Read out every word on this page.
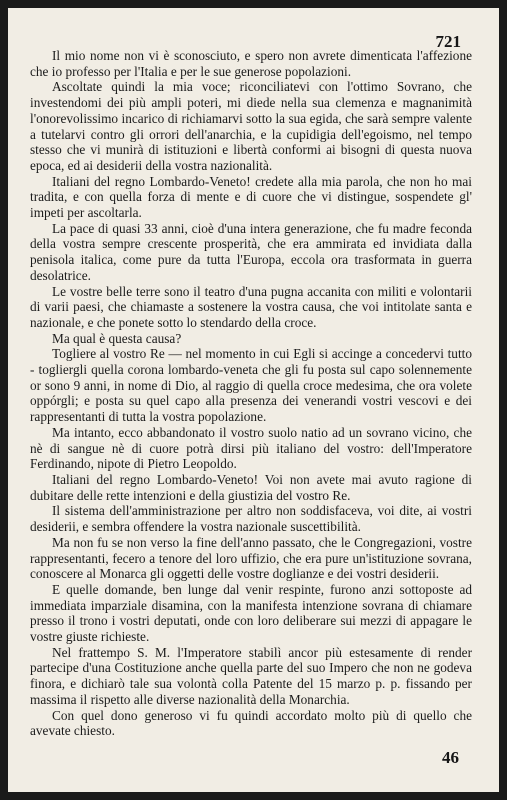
721

Il mio nome non vi è sconosciuto, e spero non avrete dimenticata l'affezione che io professo per l'Italia e per le sue generose popolazioni.

Ascoltate quindi la mia voce; riconciliatevi con l'ottimo Sovrano, che investendomi dei più ampli poteri, mi diede nella sua clemenza e magnanimità l'onorevolissimo incarico di richiamarvi sotto la sua egida, che sarà sempre valente a tutelarvi contro gli orrori dell'anarchia, e la cupidigia dell'egoismo, nel tempo stesso che vi munirà di istituzioni e libertà conformi ai bisogni di questa nuova epoca, ed ai desiderii della vostra nazionalità.

Italiani del regno Lombardo-Veneto! credete alla mia parola, che non ho mai tradita, e con quella forza di mente e di cuore che vi distingue, sospendete gl' impeti per ascoltarla.

La pace di quasi 33 anni, cioè d'una intera generazione, che fu madre feconda della vostra sempre crescente prosperità, che era ammirata ed invidiata dalla penisola italica, come pure da tutta l'Europa, eccola ora trasformata in guerra desolatrice.

Le vostre belle terre sono il teatro d'una pugna accanita con militi e volontarii di varii paesi, che chiamaste a sostenere la vostra causa, che voi intitolate santa e nazionale, e che ponete sotto lo stendardo della croce.

Ma qual è questa causa?

Togliere al vostro Re — nel momento in cui Egli si accinge a concedervi tutto - togliergli quella corona lombardo-veneta che gli fu posta sul capo solennemente or sono 9 anni, in nome di Dio, al raggio di quella croce medesima, che ora volete oppórgli; e posta su quel capo alla presenza dei venerandi vostri vescovi e dei rappresentanti di tutta la vostra popolazione.

Ma intanto, ecco abbandonato il vostro suolo natio ad un sovrano vicino, che nè di sangue nè di cuore potrà dirsi più italiano del vostro: dell'Imperatore Ferdinando, nipote di Pietro Leopoldo.

Italiani del regno Lombardo-Veneto! Voi non avete mai avuto ragione di dubitare delle rette intenzioni e della giustizia del vostro Re.

Il sistema dell'amministrazione per altro non soddisfaceva, voi dite, ai vostri desiderii, e sembra offendere la vostra nazionale suscettibilità.

Ma non fu se non verso la fine dell'anno passato, che le Congregazioni, vostre rappresentanti, fecero a tenore del loro uffizio, che era pure un'istituzione sovrana, conoscere al Monarca gli oggetti delle vostre doglianze e dei vostri desiderii.

E quelle domande, ben lunge dal venir respinte, furono anzi sottoposte ad immediata imparziale disamina, con la manifesta intenzione sovrana di chiamare presso il trono i vostri deputati, onde con loro deliberare sui mezzi di appagare le vostre giuste richieste.

Nel frattempo S. M. l'Imperatore stabilì ancor più estesamente di render partecipe d'una Costituzione anche quella parte del suo Impero che non ne godeva finora, e dichiarò tale sua volontà colla Patente del 15 marzo p. p. fissando per massima il rispetto alle diverse nazionalità della Monarchia.

Con quel dono generoso vi fu quindi accordato molto più di quello che avevate chiesto.

46
